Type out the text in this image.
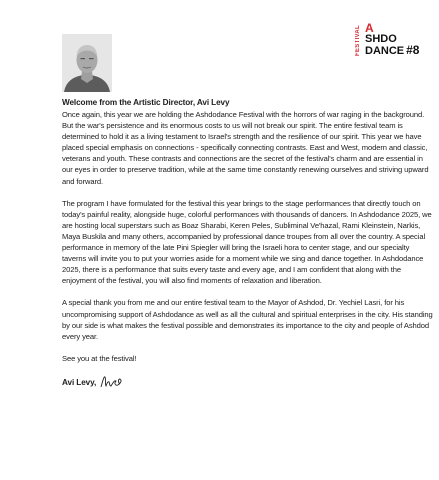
FESTIVAL A
SHDO
DANCE #8
Welcome from the Artistic Director, Avi Levy

Once again, this year we are holding the Ashdodance Festival with the horrors of war raging in the background. But the war's persistence and its enormous costs to us will not break our spirit. The entire festival team is determined to hold it as a living testament to Israel's strength and the resilience of our spirit. This year we have placed special emphasis on connections - specifically connecting contrasts. East and West, modern and classic, veterans and youth. These contrasts and connections are the secret of the festival's charm and are essential in our eyes in order to preserve tradition, while at the same time constantly renewing ourselves and striving upward and forward.

The program I have formulated for the festival this year brings to the stage performances that directly touch on today's painful reality, alongside huge, colorful performances with thousands of dancers. In Ashdodance 2025, we are hosting local superstars such as Boaz Sharabi, Keren Peles, Subliminal Ve'hazal, Rami Kleinstein, Narkis, Maya Buskila and many others, accompanied by professional dance troupes from all over the country. A special performance in memory of the late Pini Spiegler will bring the Israeli hora to center stage, and our specialty taverns will invite you to put your worries aside for a moment while we sing and dance together. In Ashdodance 2025, there is a performance that suits every taste and every age, and I am confident that along with the enjoyment of the festival, you will also find moments of relaxation and liberation.

A special thank you from me and our entire festival team to the Mayor of Ashdod, Dr. Yechiel Lasri, for his uncompromising support of Ashdodance as well as all the cultural and spiritual enterprises in the city. His standing by our side is what makes the festival possible and demonstrates its importance to the city and people of Ashdod every year.

See you at the festival!

Avi Levy,
